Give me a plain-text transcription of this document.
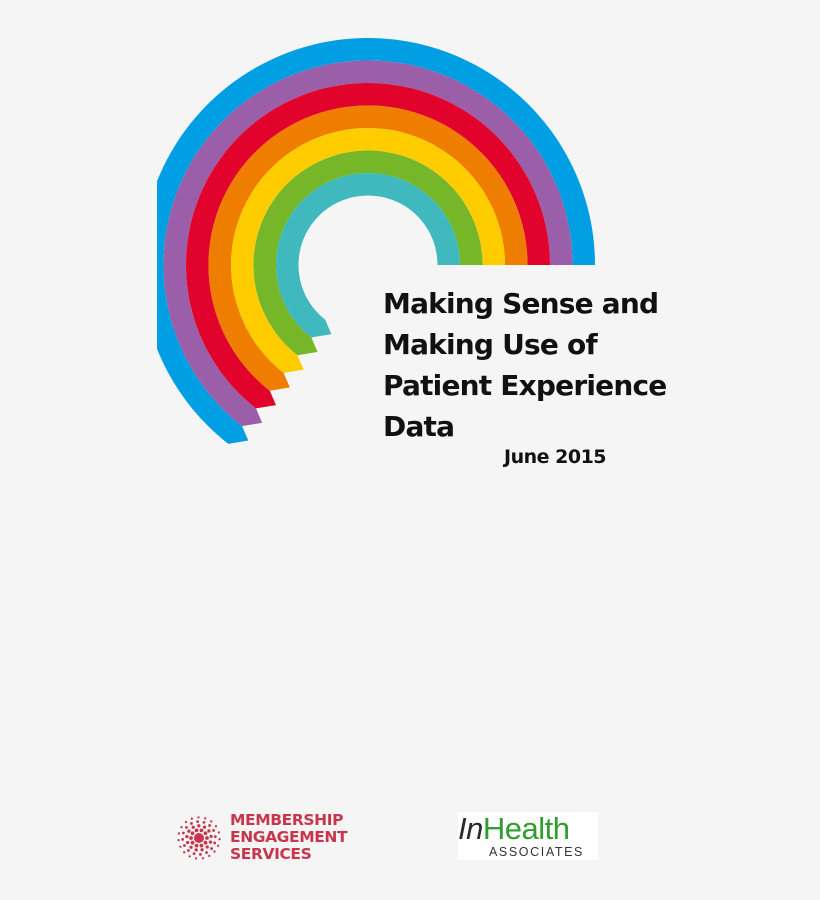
Making Sense and
Making Use of
Patient Experience
Data
June 2015
MEMBERSHIP
ENGAGEMENT
SERVICES
InHealth
ASSOCIATES
